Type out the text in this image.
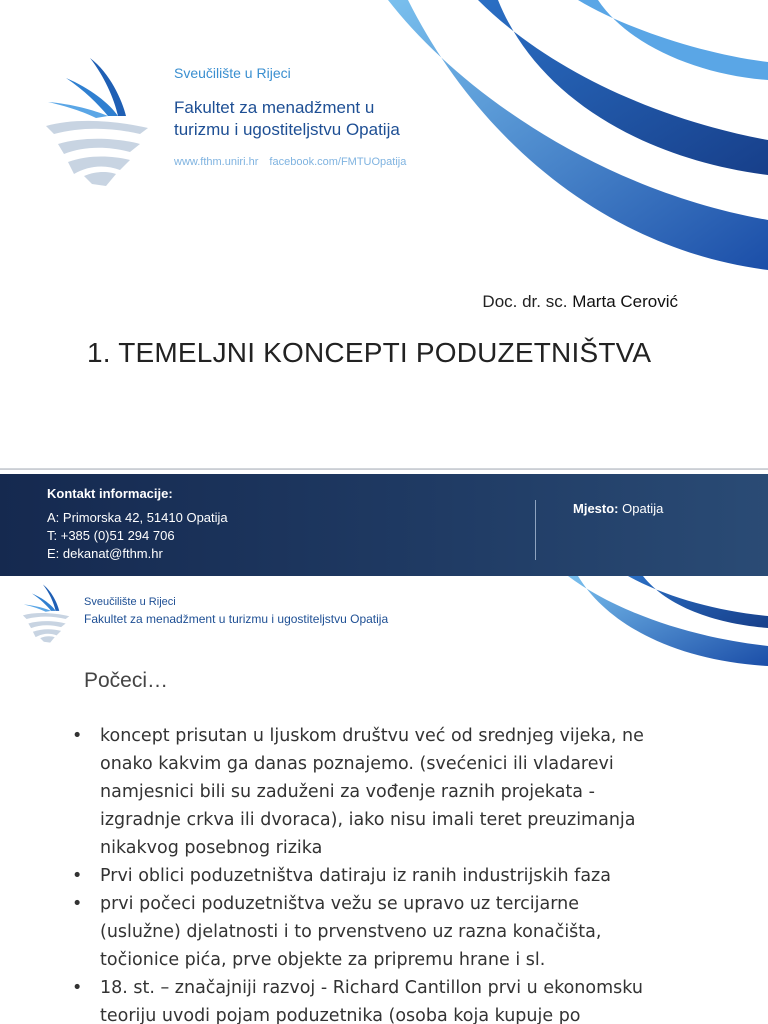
Sveučilište u Rijeci
Fakultet za menadžment u
turizmu i ugostiteljstvu Opatija
www.fthm.uniri.hr facebook.com/FMTUOpatija
Doc. dr. sc. Marta Cerović
1. TEMELJNI KONCEPTI PODUZETNIŠTVA
Kontakt informacije:
A: Primorska 42, 51410 Opatija
T: +385 (0)51 294 706
E: dekanat@fthm.hr
Mjesto: Opatija
Sveučilište u Rijeci
Fakultet za menadžment u turizmu i ugostiteljstvu Opatija
Počeci…
• koncept prisutan u ljuskom društvu već od srednjeg vijeka, ne
onako kakvim ga danas poznajemo. (svećenici ili vladarevi
namjesnici bili su zaduženi za vođenje raznih projekata -
izgradnje crkva ili dvoraca), iako nisu imali teret preuzimanja
nikakvog posebnog rizika
• Prvi oblici poduzetništva datiraju iz ranih industrijskih faza
• prvi počeci poduzetništva vežu se upravo uz tercijarne
(uslužne) djelatnosti i to prvenstveno uz razna konačišta,
točionice pića, prve objekte za pripremu hrane i sl.
• 18. st. – značajniji razvoj - Richard Cantillon prvi u ekonomsku
teoriju uvodi pojam poduzetnika (osoba koja kupuje po
